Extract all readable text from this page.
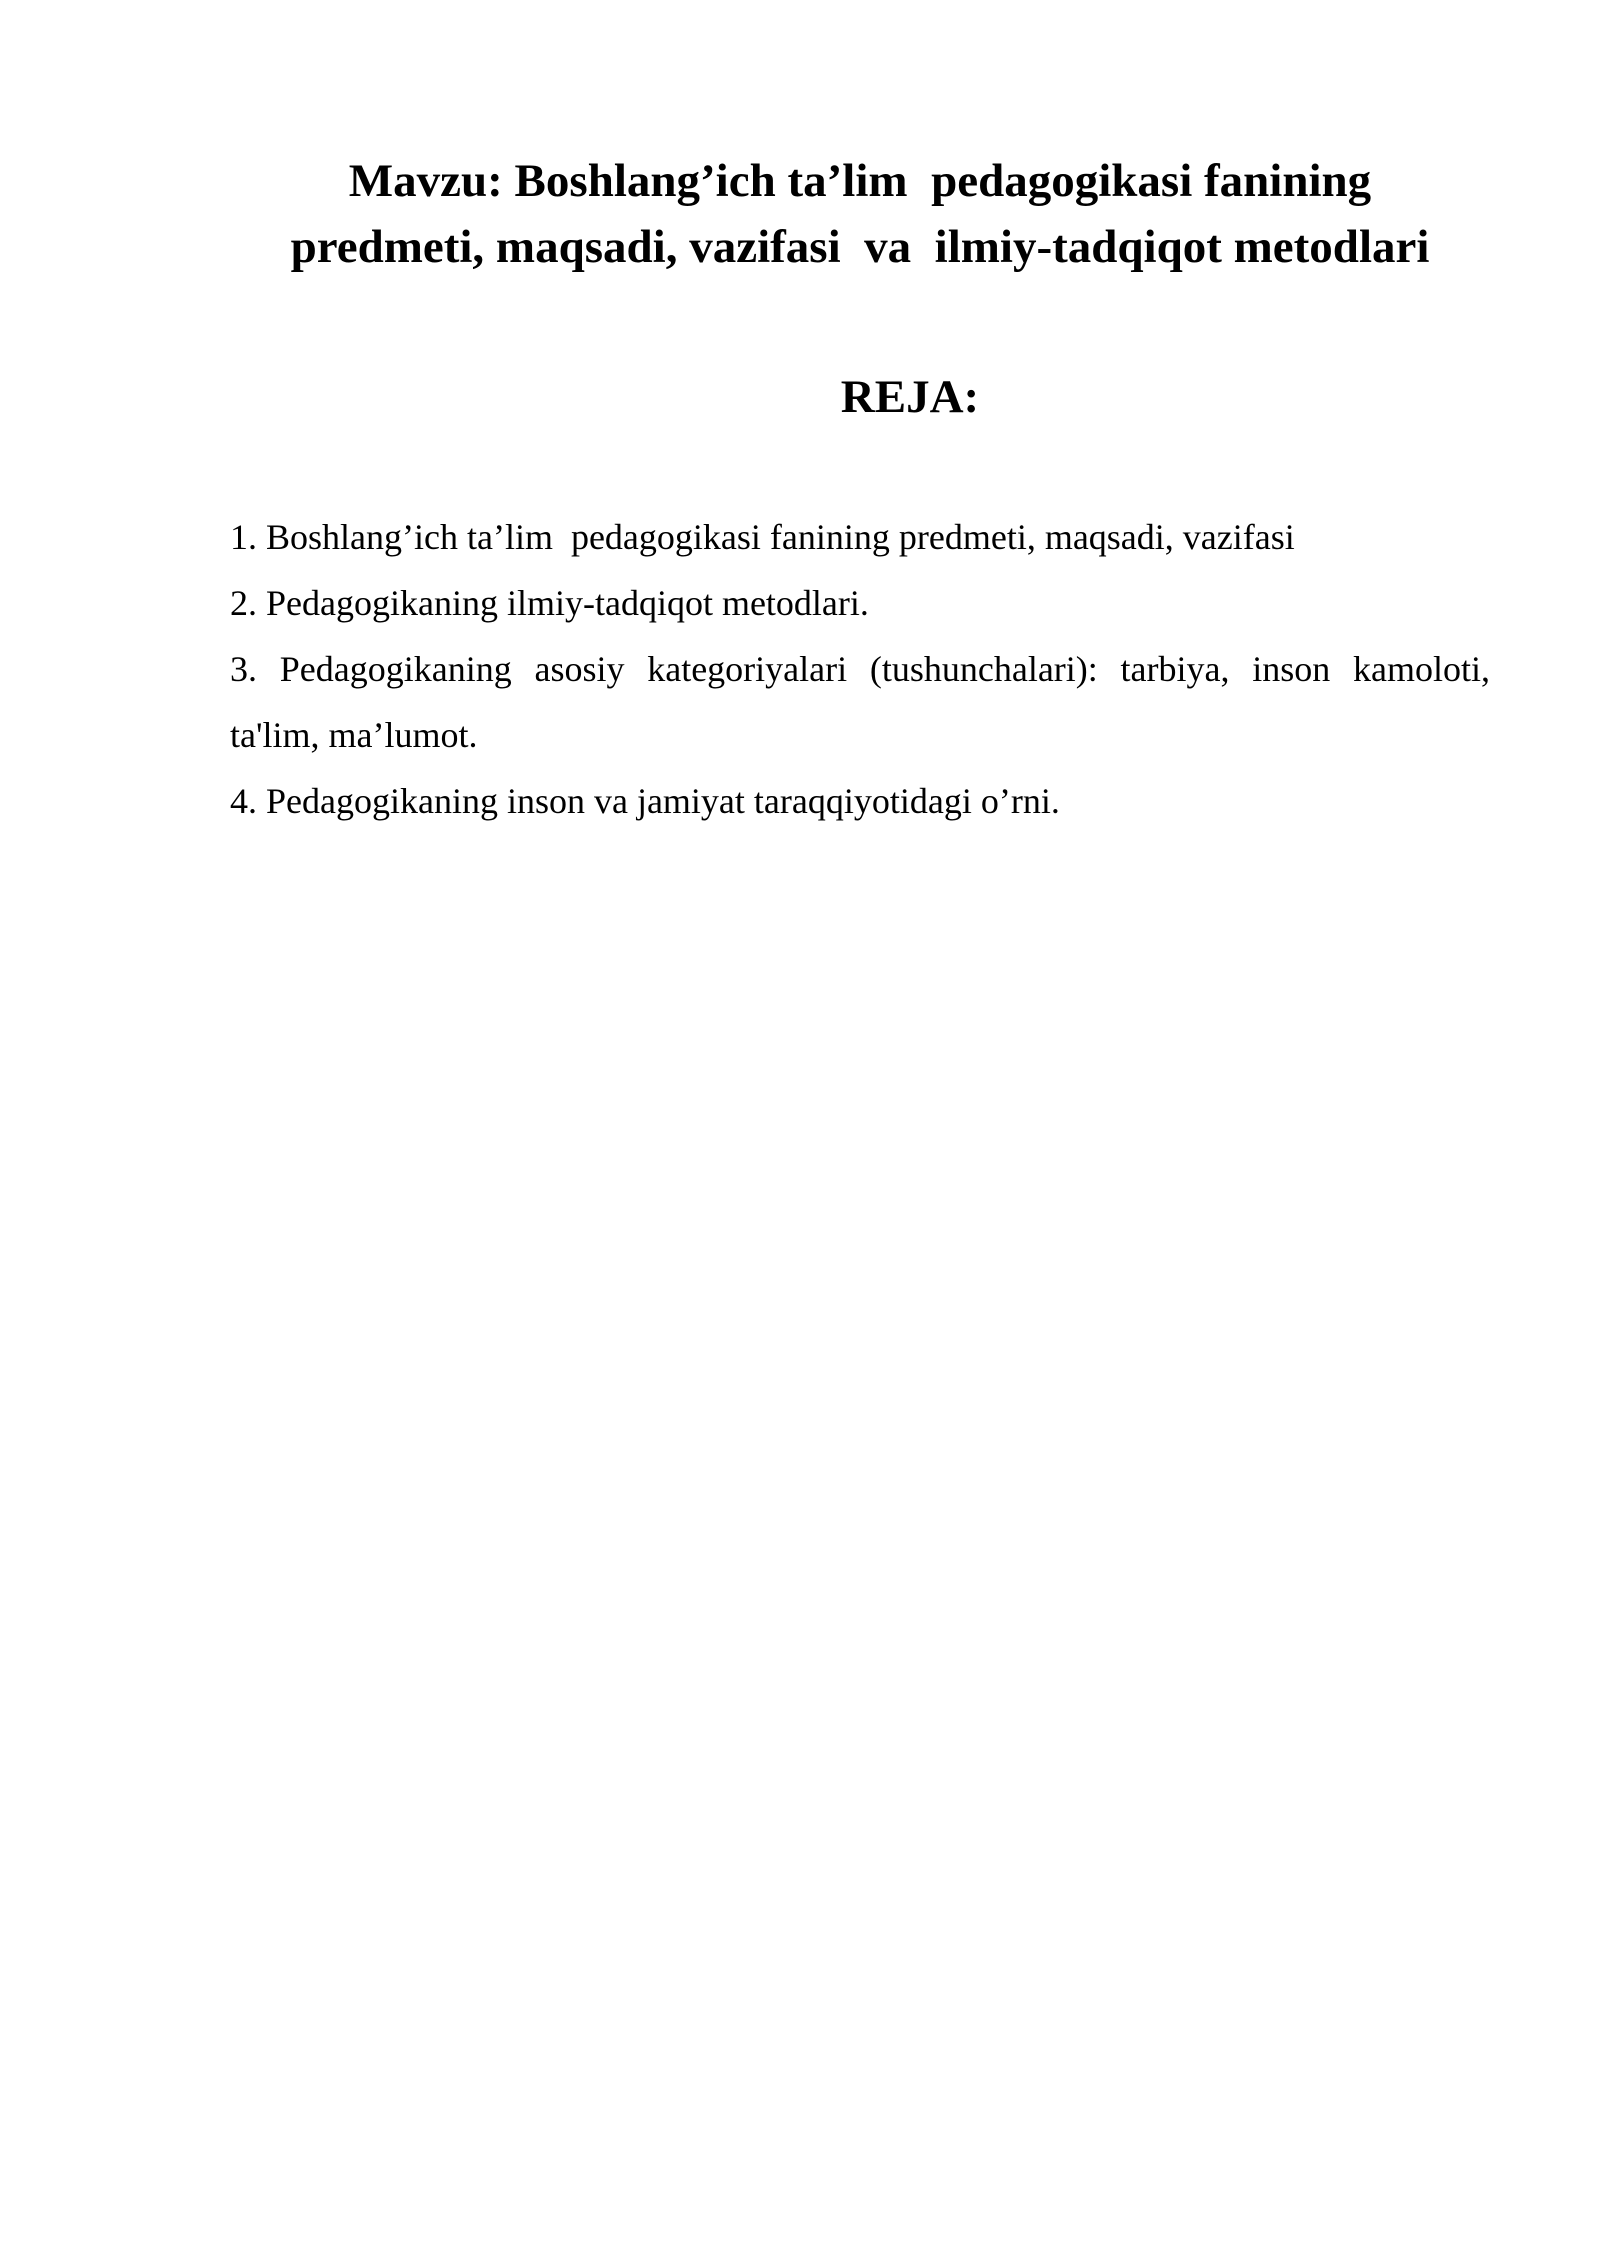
Mavzu: Boshlang’ich ta’lim  pedagogikasi fanining
predmeti, maqsadi, vazifasi  va  ilmiy-tadqiqot metodlari
REJA:
1. Boshlang’ich ta’lim  pedagogikasi fanining predmeti, maqsadi, vazifasi
2. Pedagogikaning ilmiy-tadqiqot metodlari.
3. Pedagogikaning asosiy kategoriyalari (tushunchalari): tarbiya, inson kamoloti,
ta'lim, ma’lumot.
4. Pedagogikaning inson va jamiyat taraqqiyotidagi o’rni.
